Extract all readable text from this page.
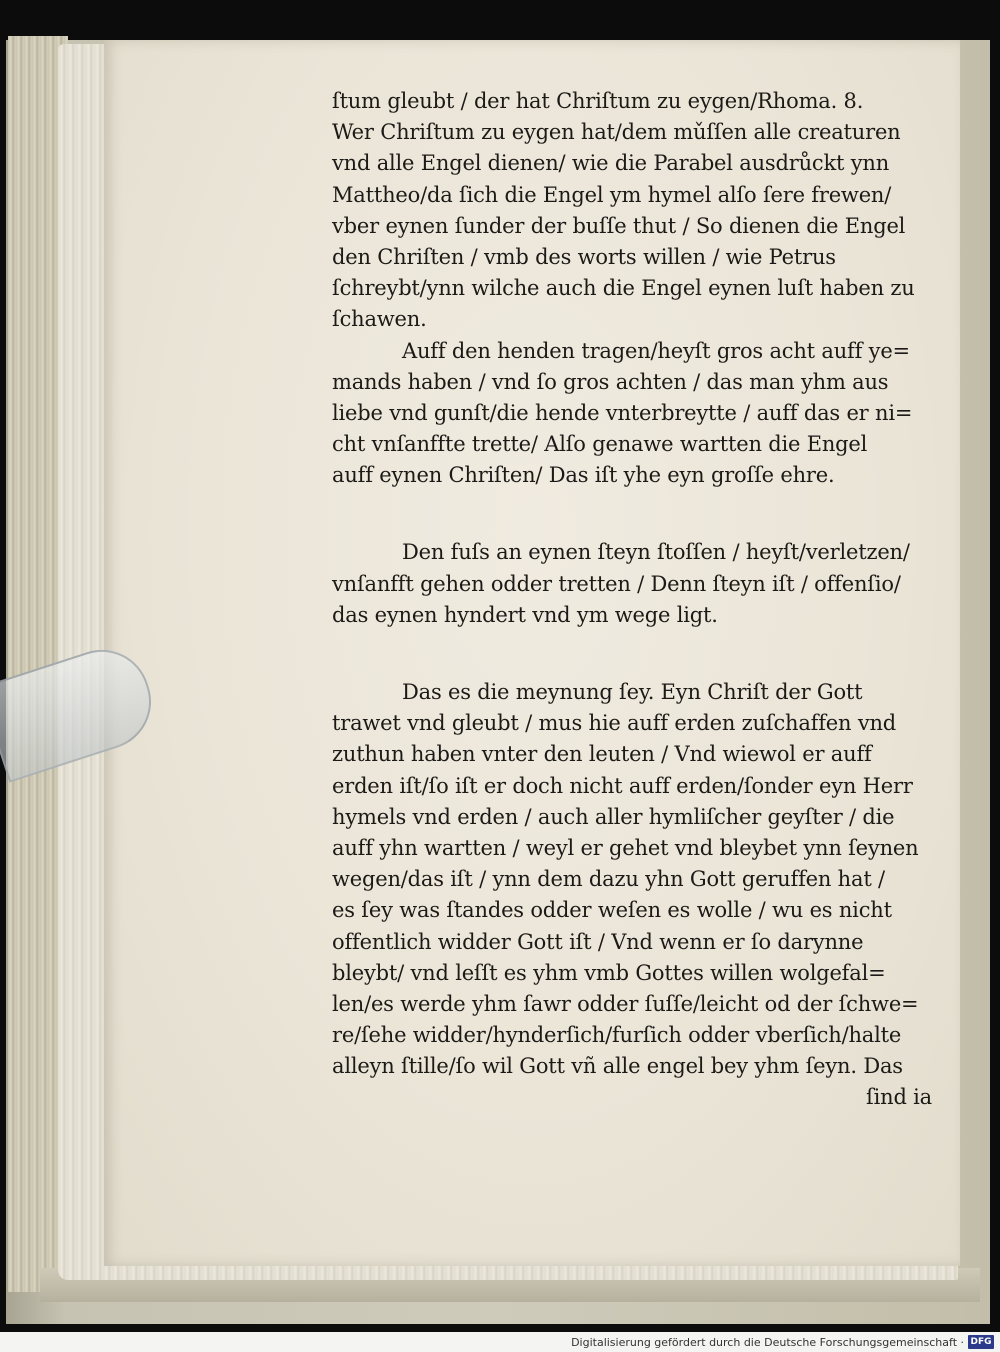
ſtum gleubt / der hat Chriſtum zu eygen/Rhoma. 8.
Wer Chriſtum zu eygen hat/dem mǔſſen alle creaturen
vnd alle Engel dienen/ wie die Parabel ausdrůckt ynn
Mattheo/da ſich die Engel ym hymel alſo ſere frewen/
vber eynen ſunder der buſſe thut / So dienen die Engel
den Chriſten / vmb des worts willen / wie Petrus
ſchreybt/ynn wilche auch die Engel eynen luſt haben zu
ſchawen.
Auff den henden tragen/heyſt gros acht auff ye=
mands haben / vnd ſo gros achten / das man yhm aus
liebe vnd gunſt/die hende vnterbreytte / auff das er ni=
cht vnſanffte trette/ Alſo genawe wartten die Engel
auff eynen Chriſten/ Das iſt yhe eyn groſſe ehre.
Den fuſs an eynen ſteyn ſtoſſen / heyſt/verletzen/
vnſanfft gehen odder tretten / Denn ſteyn iſt / offenſio/
das eynen hyndert vnd ym wege ligt.
Das es die meynung ſey. Eyn Chriſt der Gott
trawet vnd gleubt / mus hie auff erden zuſchaffen vnd
zuthun haben vnter den leuten / Vnd wiewol er auff
erden iſt/ſo iſt er doch nicht auff erden/ſonder eyn Herr
hymels vnd erden / auch aller hymliſcher geyſter / die
auff yhn wartten / weyl er gehet vnd bleybet ynn ſeynen
wegen/das iſt / ynn dem dazu yhn Gott geruffen hat /
es ſey was ſtandes odder weſen es wolle / wu es nicht
offentlich widder Gott iſt / Vnd wenn er ſo darynne
bleybt/ vnd leſſt es yhm vmb Gottes willen wolgefal=
len/es werde yhm ſawr odder ſuſſe/leicht od der ſchwe=
re/ſehe widder/hynderſich/furſich odder vberſich/halte
alleyn ſtille/ſo wil Gott vñ alle engel bey yhm ſeyn. Das
ſind ia
Digitalisierung gefördert durch die Deutsche Forschungsgemeinschaft · DFG
